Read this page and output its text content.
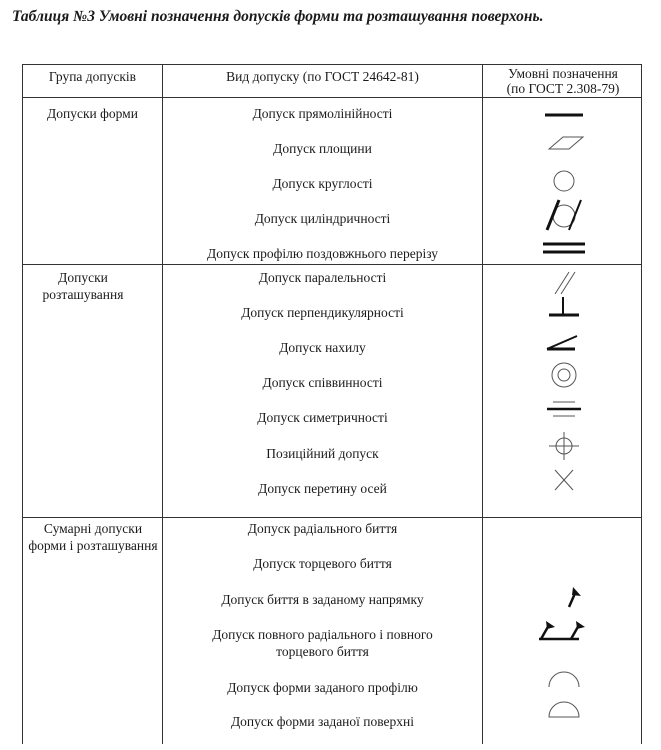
Таблиця №3 Умовні позначення допусків форми та розташування поверхонь.
Група допусків	Вид допуску (по ГОСТ 24642-81)	Умовні позначення
(по ГОСТ 2.308-79)
Допуски форми
Допуски розташування
Сумарні допуски форми і розташування
Допуск прямолінійності
Допуск площини
Допуск круглості
Допуск циліндричності
Допуск профілю поздовжнього перерізу
Допуск паралельності
Допуск перпендикулярності
Допуск нахилу
Допуск співвинності
Допуск симетричності
Позиційний допуск
Допуск перетину осей
Допуск радіального биття
Допуск торцевого биття
Допуск биття в заданому напрямку
Допуск повного радіального і повного
торцевого биття
Допуск форми заданого профілю
Допуск форми заданої поверхні
